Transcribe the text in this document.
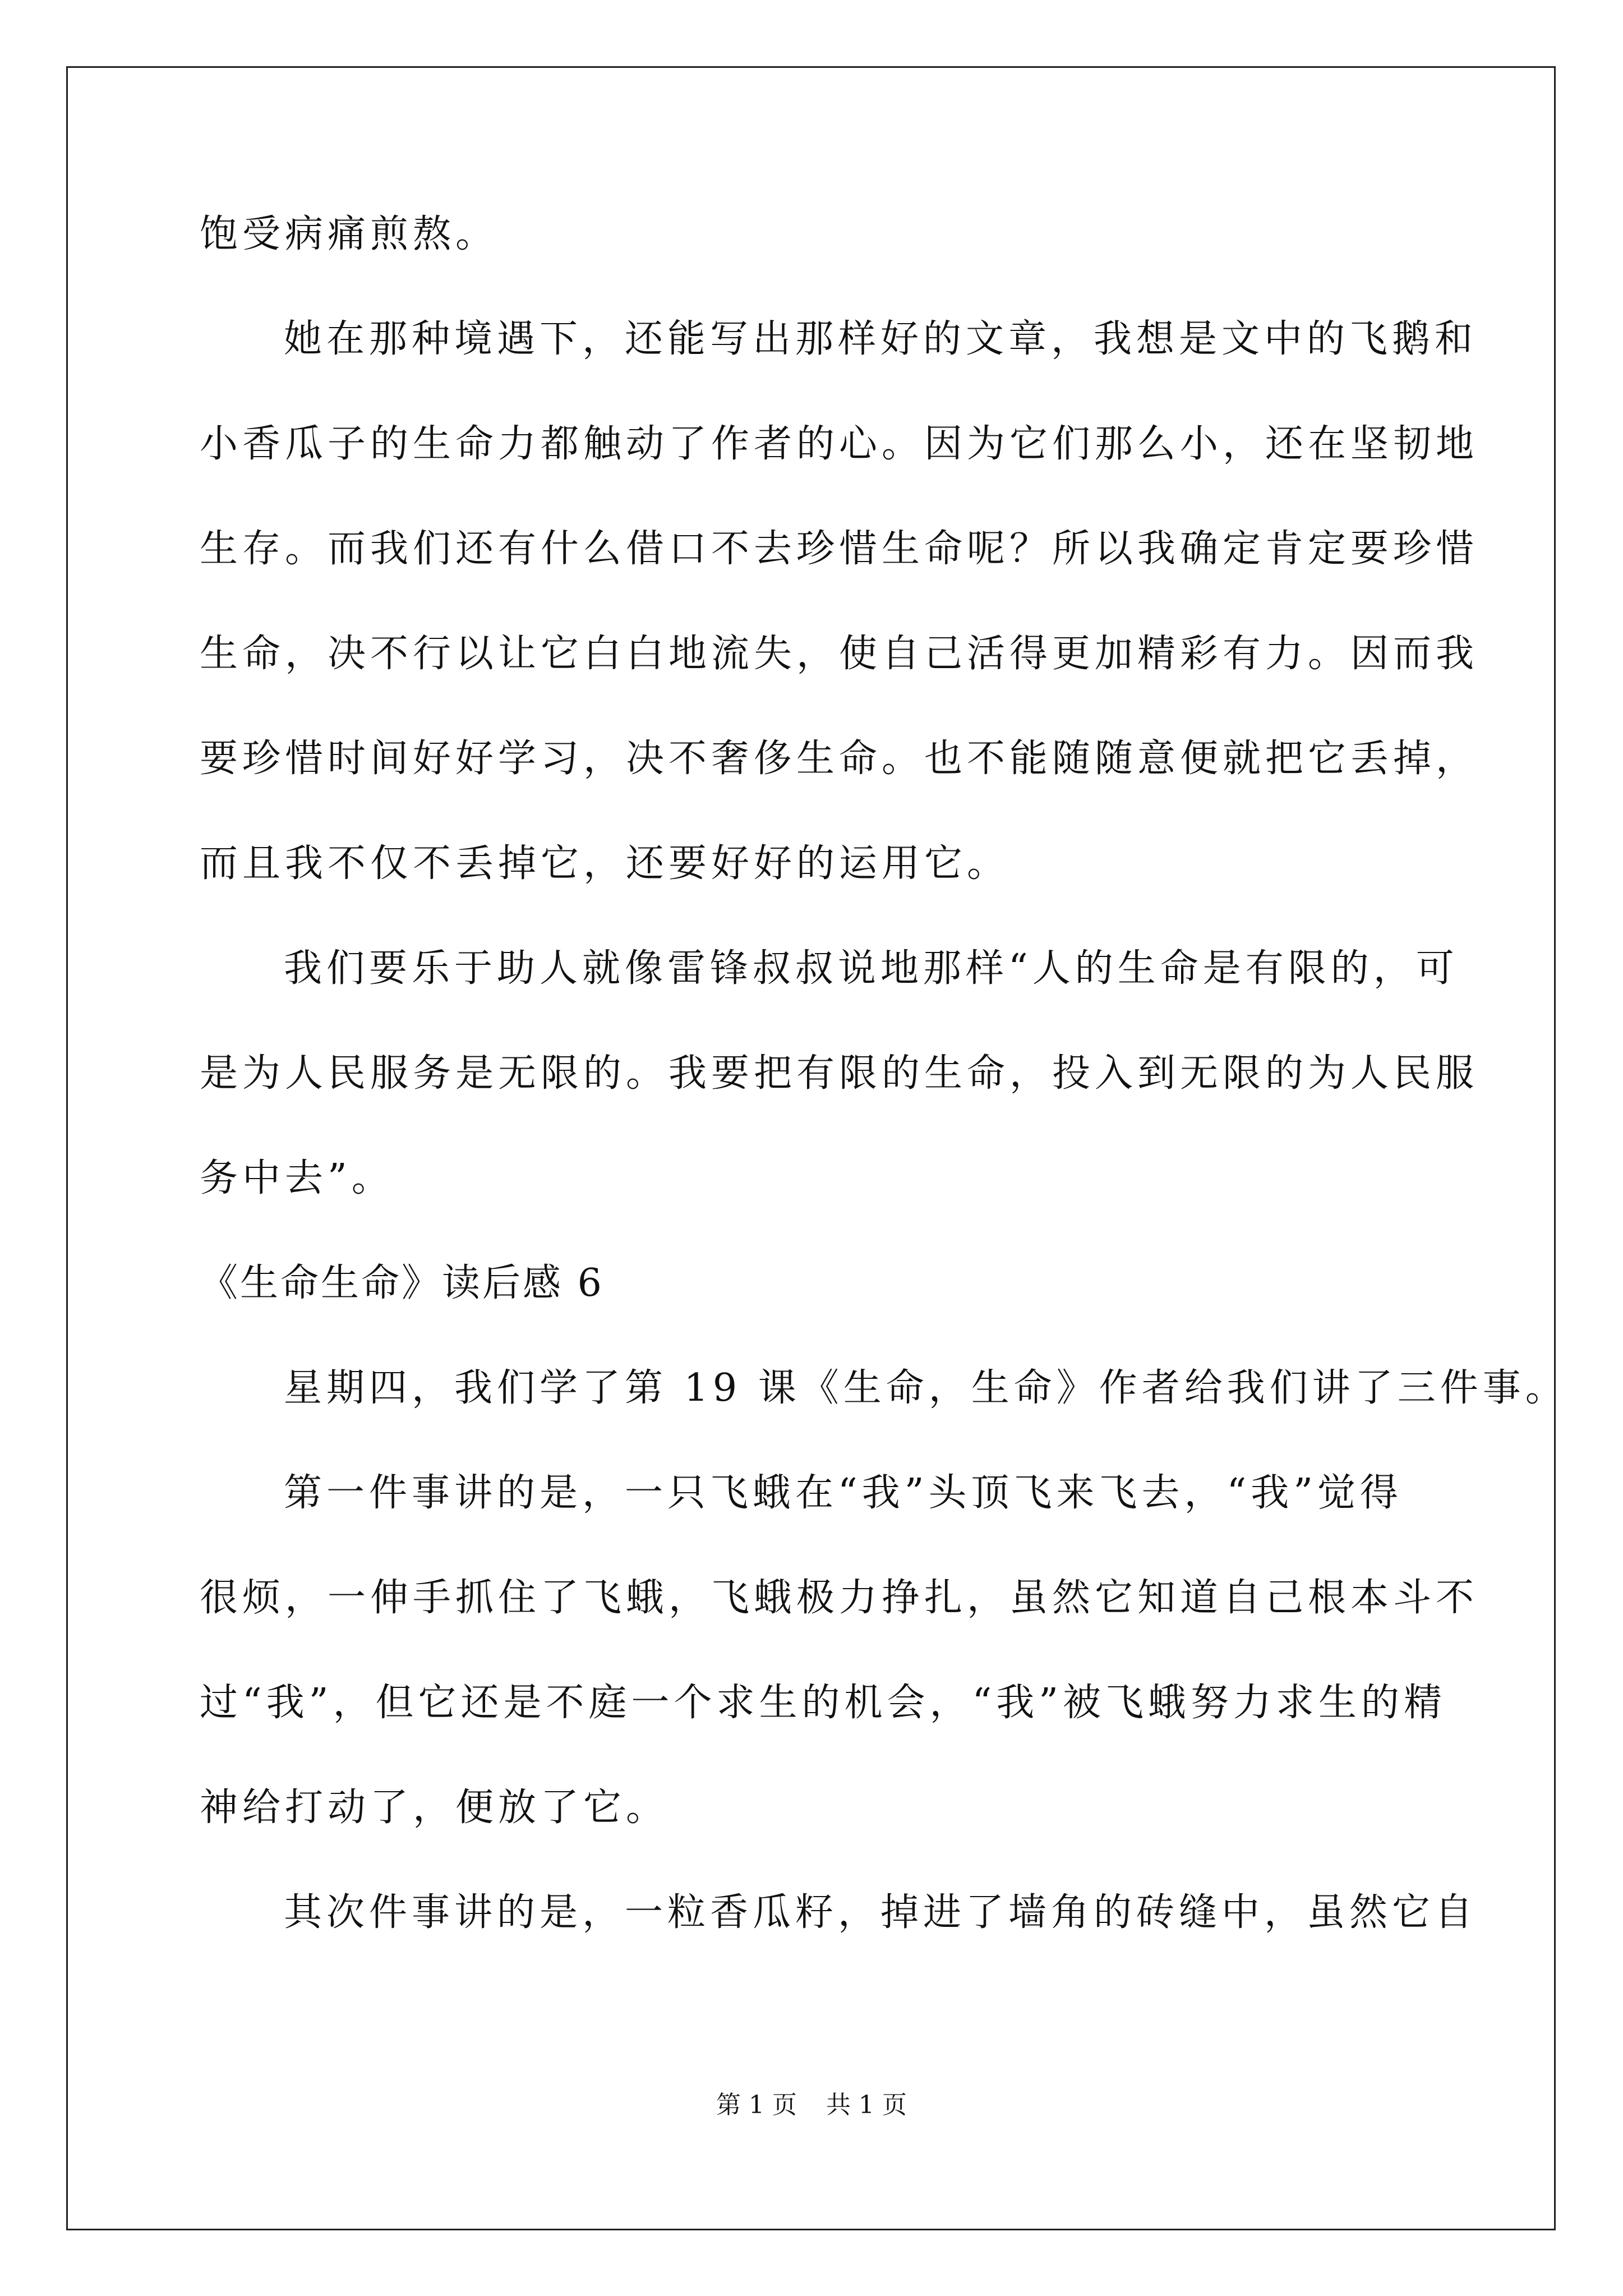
饱受病痛煎熬。
她在那种境遇下，还能写出那样好的文章，我想是文中的飞鹅和
小香瓜子的生命力都触动了作者的心。因为它们那么小，还在坚韧地
生存。而我们还有什么借口不去珍惜生命呢？所以我确定肯定要珍惜
生命，决不行以让它白白地流失，使自己活得更加精彩有力。因而我
要珍惜时间好好学习，决不奢侈生命。也不能随随意便就把它丢掉，
而且我不仅不丢掉它，还要好好的运用它。
我们要乐于助人就像雷锋叔叔说地那样“人的生命是有限的，可
是为人民服务是无限的。我要把有限的生命，投入到无限的为人民服
务中去”。
《生命生命》读后感 6
星期四，我们学了第 19 课《生命，生命》作者给我们讲了三件事。
第一件事讲的是，一只飞蛾在“我”头顶飞来飞去，“我”觉得
很烦，一伸手抓住了飞蛾，飞蛾极力挣扎，虽然它知道自己根本斗不
过“我”，但它还是不庭一个求生的机会，“我”被飞蛾努力求生的精
神给打动了，便放了它。
其次件事讲的是，一粒香瓜籽，掉进了墙角的砖缝中，虽然它自
第 1 页 共 1 页
